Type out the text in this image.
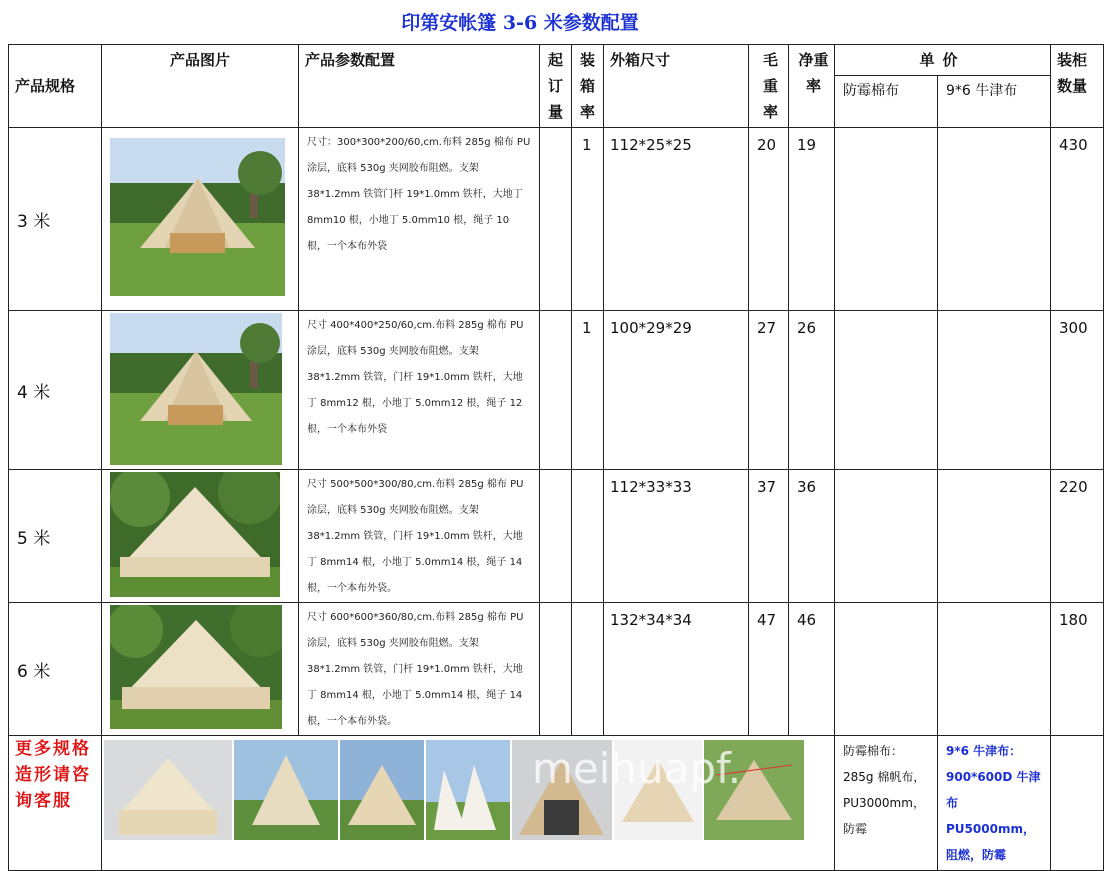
印第安帐篷 3-6 米参数配置
产品规格	产品图片	产品参数配置	起订量	装箱率	外箱尺寸	毛重率	净重率	单价		装柜数量
								防霉棉布	9*6 牛津布	
3 米		尺寸：300*300*200/60,cm.布料 285g 棉布 PU 涂层，底料 530g 夹网胶布阻燃。支架 38*1.2mm 铁管门杆 19*1.0mm 铁杆，大地丁 8mm10 根，小地丁 5.0mm10 根，绳子 10 根，一个本布外袋		1	112*25*25	20	19			430
4 米		尺寸 400*400*250/60,cm.布料 285g 棉布 PU 涂层，底料 530g 夹网胶布阻燃。支架 38*1.2mm 铁管，门杆 19*1.0mm 铁杆，大地丁 8mm12 根，小地丁 5.0mm12 根，绳子 12 根，一个本布外袋		1	100*29*29	27	26			300
5 米		尺寸 500*500*300/80,cm.布料 285g 棉布 PU 涂层，底料 530g 夹网胶布阻燃。支架 38*1.2mm 铁管，门杆 19*1.0mm 铁杆，大地丁 8mm14 根，小地丁 5.0mm14 根，绳子 14 根，一个本布外袋。			112*33*33	37	36			220
6 米		尺寸 600*600*360/80,cm.布料 285g 棉布 PU 涂层，底料 530g 夹网胶布阻燃。支架 38*1.2mm 铁管，门杆 19*1.0mm 铁杆，大地丁 8mm14 根，小地丁 5.0mm14 根，绳子 14 根，一个本布外袋。			132*34*34	47	46			180
更多规格造形请咨询客服	meihuapf.							防霉棉布：285g 棉帆布，PU3000mm，防霉	9*6 牛津布：900*600D 牛津布 PU5000mm，阻燃，防霉	
